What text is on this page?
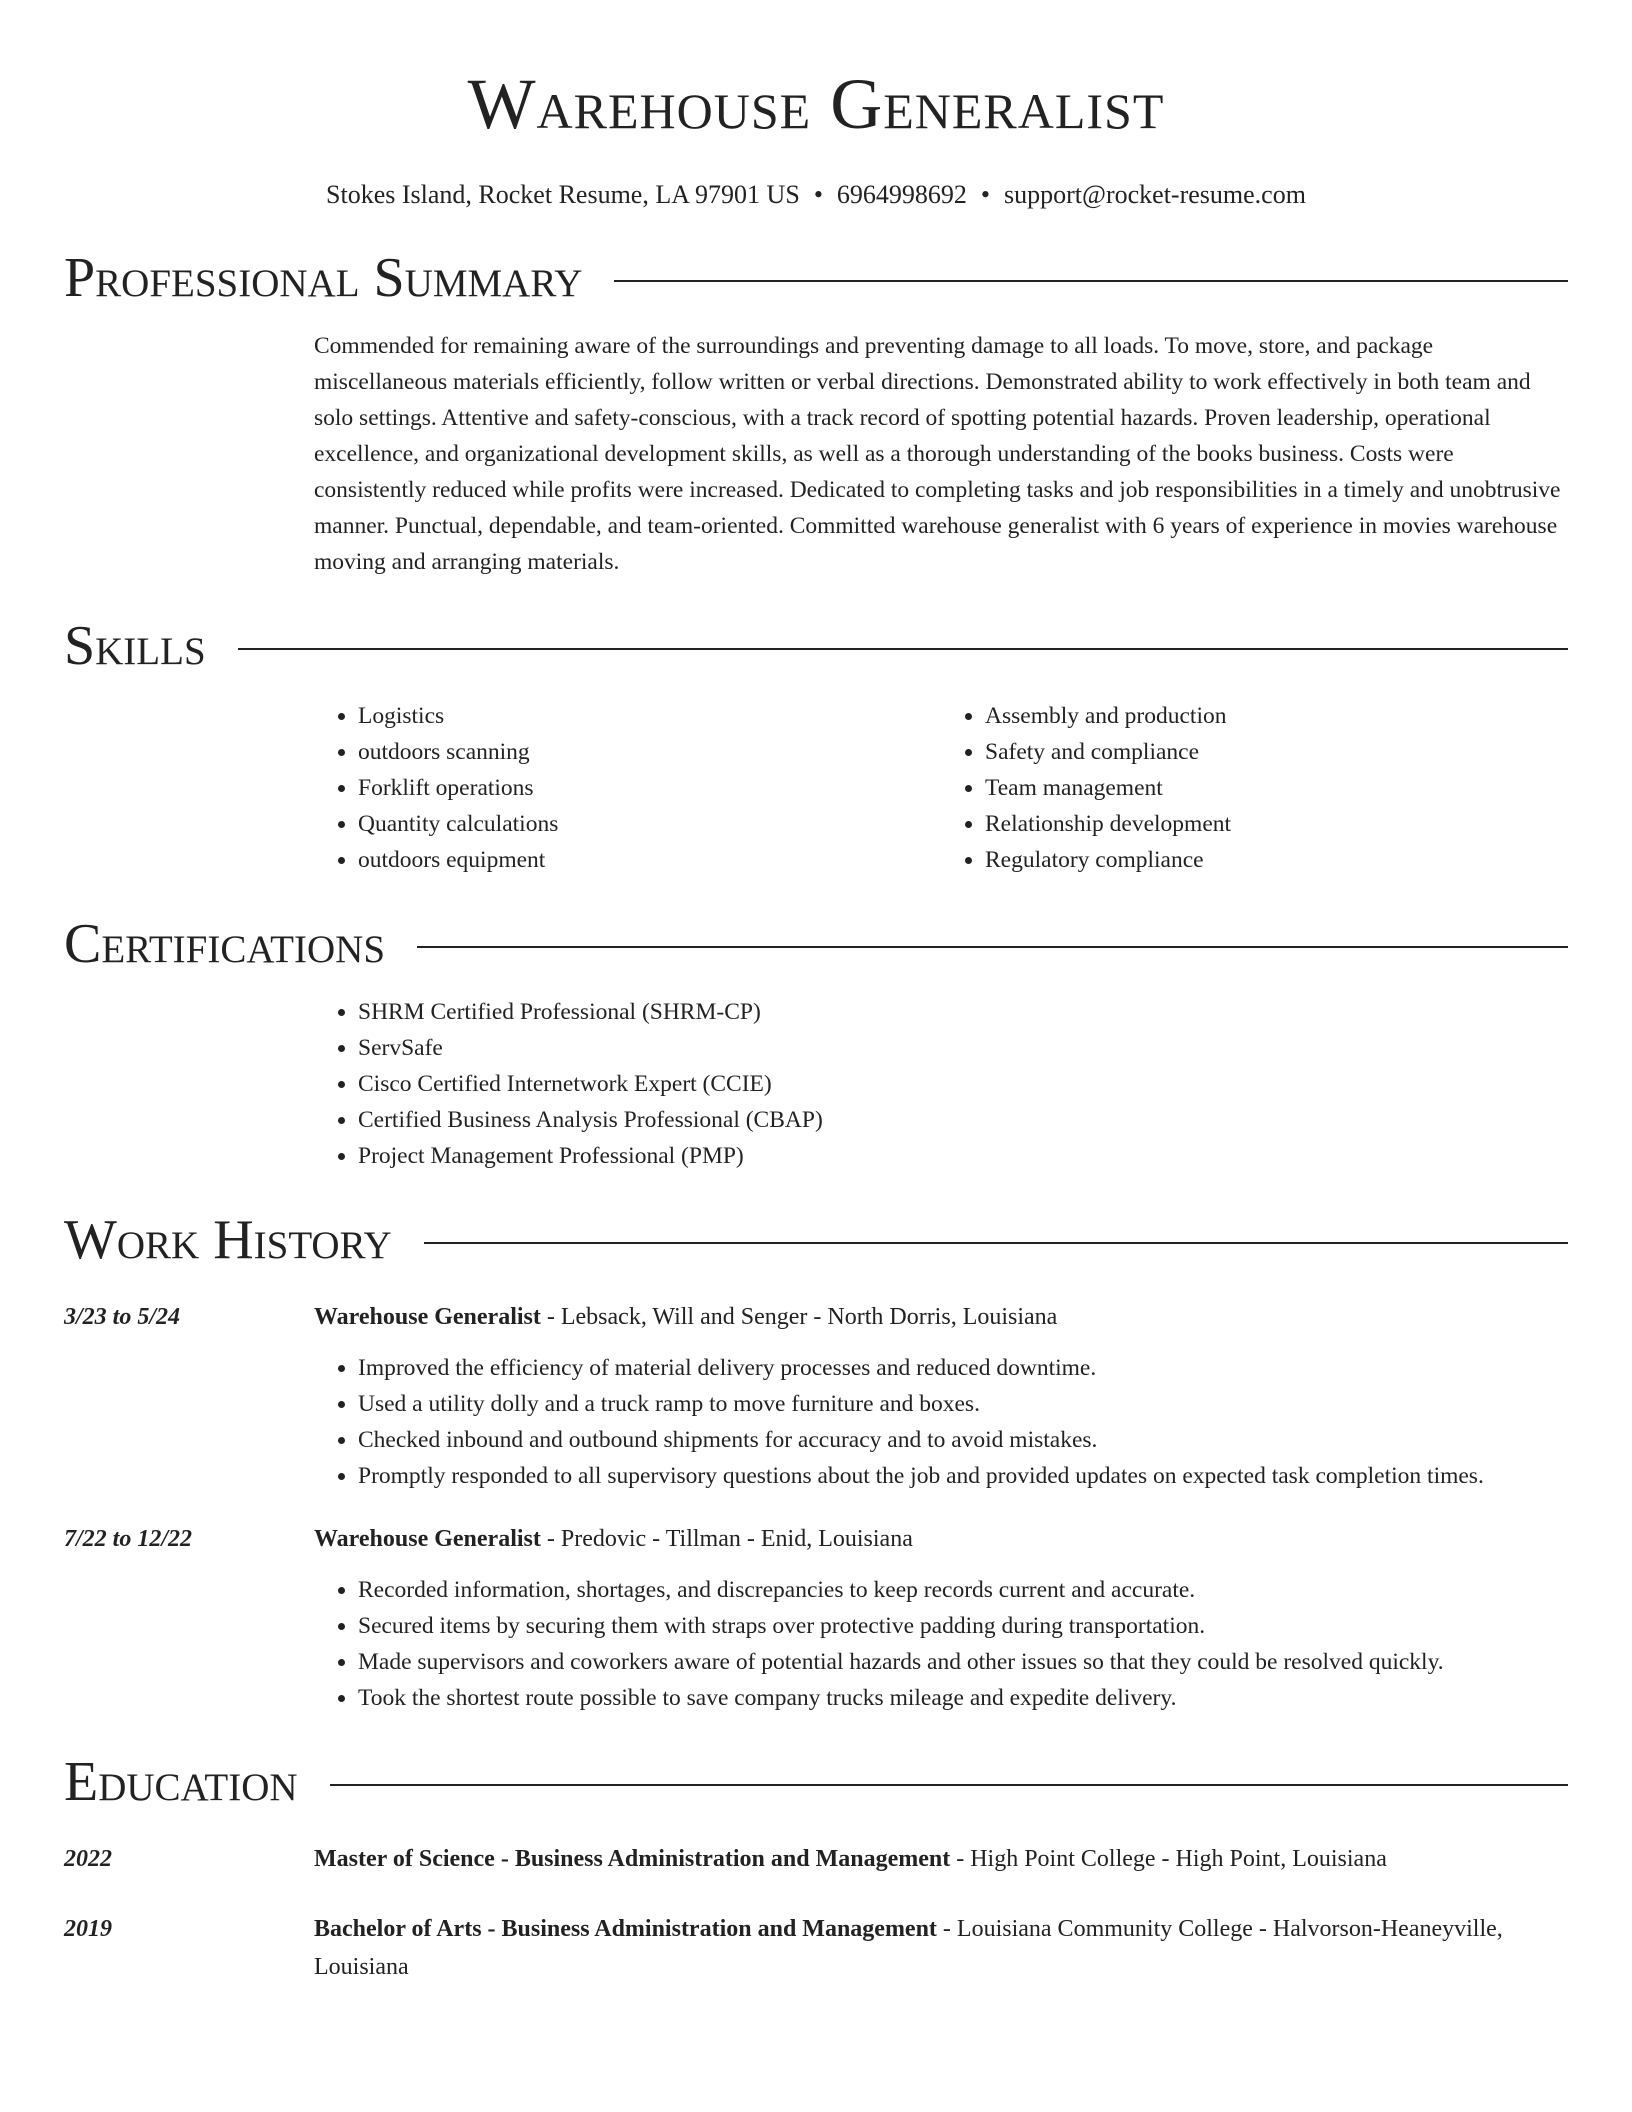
Warehouse Generalist
Stokes Island, Rocket Resume, LA 97901 US • 6964998692 • support@rocket-resume.com
Professional Summary
Commended for remaining aware of the surroundings and preventing damage to all loads. To move, store, and package miscellaneous materials efficiently, follow written or verbal directions. Demonstrated ability to work effectively in both team and solo settings. Attentive and safety-conscious, with a track record of spotting potential hazards. Proven leadership, operational excellence, and organizational development skills, as well as a thorough understanding of the books business. Costs were consistently reduced while profits were increased. Dedicated to completing tasks and job responsibilities in a timely and unobtrusive manner. Punctual, dependable, and team-oriented. Committed warehouse generalist with 6 years of experience in movies warehouse moving and arranging materials.
Skills
• Logistics
• outdoors scanning
• Forklift operations
• Quantity calculations
• outdoors equipment
• Assembly and production
• Safety and compliance
• Team management
• Relationship development
• Regulatory compliance
Certifications
• SHRM Certified Professional (SHRM-CP)
• ServSafe
• Cisco Certified Internetwork Expert (CCIE)
• Certified Business Analysis Professional (CBAP)
• Project Management Professional (PMP)
Work History
3/23 to 5/24	Warehouse Generalist - Lebsack, Will and Senger - North Dorris, Louisiana
• Improved the efficiency of material delivery processes and reduced downtime.
• Used a utility dolly and a truck ramp to move furniture and boxes.
• Checked inbound and outbound shipments for accuracy and to avoid mistakes.
• Promptly responded to all supervisory questions about the job and provided updates on expected task completion times.
7/22 to 12/22	Warehouse Generalist - Predovic - Tillman - Enid, Louisiana
• Recorded information, shortages, and discrepancies to keep records current and accurate.
• Secured items by securing them with straps over protective padding during transportation.
• Made supervisors and coworkers aware of potential hazards and other issues so that they could be resolved quickly.
• Took the shortest route possible to save company trucks mileage and expedite delivery.
Education
2022	Master of Science - Business Administration and Management - High Point College - High Point, Louisiana
2019	Bachelor of Arts - Business Administration and Management - Louisiana Community College - Halvorson-Heaneyville, Louisiana
